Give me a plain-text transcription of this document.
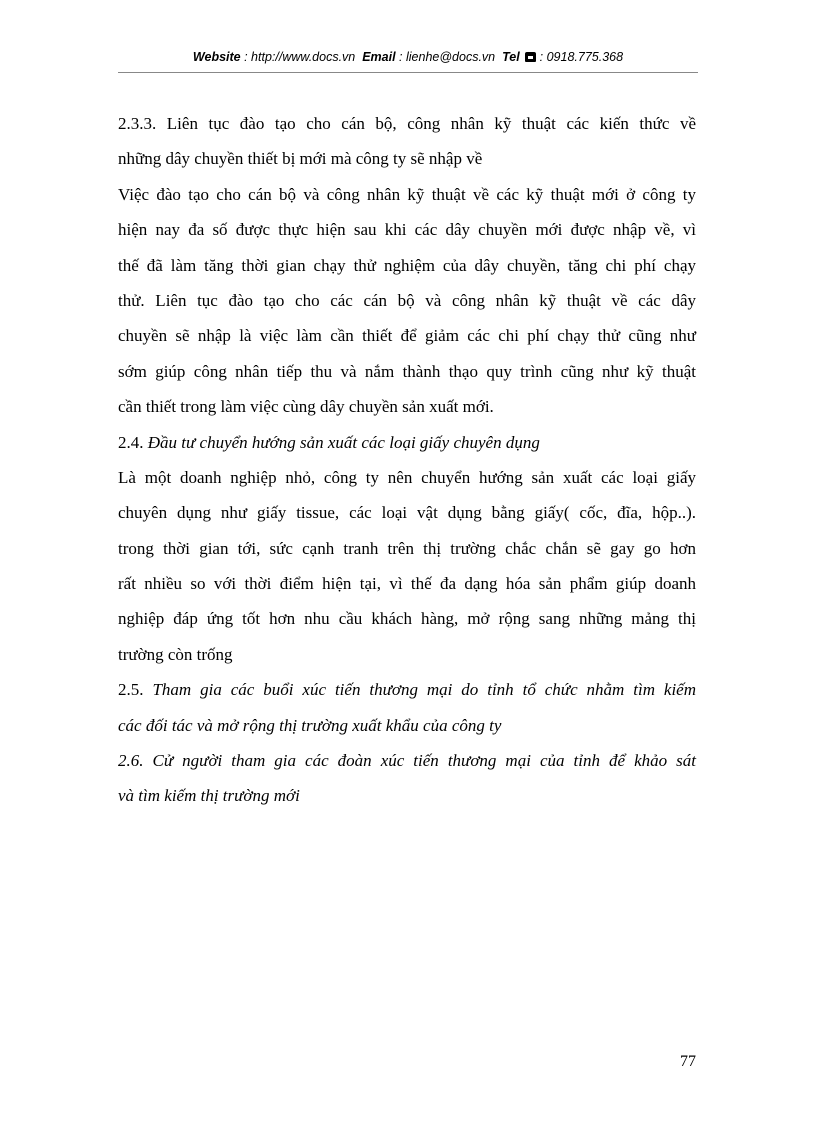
Website : http://www.docs.vn Email : lienhe@docs.vn Tel  : 0918.775.368
2.3.3. Liên tục đào tạo cho cán bộ, công nhân kỹ thuật các kiến thức về
những dây chuyền thiết bị mới mà công ty sẽ nhập về
Việc đào tạo cho cán bộ và công nhân kỹ thuật về các kỹ thuật mới ở công ty
hiện nay đa số được thực hiện sau khi các dây chuyền mới được nhập về, vì
thế đã làm tăng thời gian chạy thử nghiệm của dây chuyền, tăng chi phí chạy
thử. Liên tục đào tạo cho các cán bộ và công nhân kỹ thuật về các dây
chuyền sẽ nhập là việc làm cần thiết để giảm các chi phí chạy thử cũng như
sớm giúp công nhân tiếp thu và nắm thành thạo quy trình cũng như kỹ thuật
cần thiết trong làm việc cùng dây chuyền sản xuất mới.
2.4. Đầu tư chuyển hướng sản xuất các loại giấy chuyên dụng
Là một doanh nghiệp nhỏ, công ty nên chuyển hướng sản xuất các loại giấy
chuyên dụng như giấy tissue, các loại vật dụng bằng giấy( cốc, đĩa, hộp..).
trong thời gian tới, sức cạnh tranh trên thị trường chắc chắn sẽ gay go hơn
rất nhiều so với thời điểm hiện tại, vì thế đa dạng hóa sản phẩm giúp doanh
nghiệp đáp ứng tốt hơn nhu cầu khách hàng, mở rộng sang những mảng thị
trường còn trống
2.5. Tham gia các buổi xúc tiến thương mại do tỉnh tổ chức nhằm tìm kiếm
các đối tác và mở rộng thị trường xuất khẩu của công ty
2.6. Cử người tham gia các đoàn xúc tiến thương mại của tỉnh để khảo sát
và tìm kiếm thị trường mới
77
